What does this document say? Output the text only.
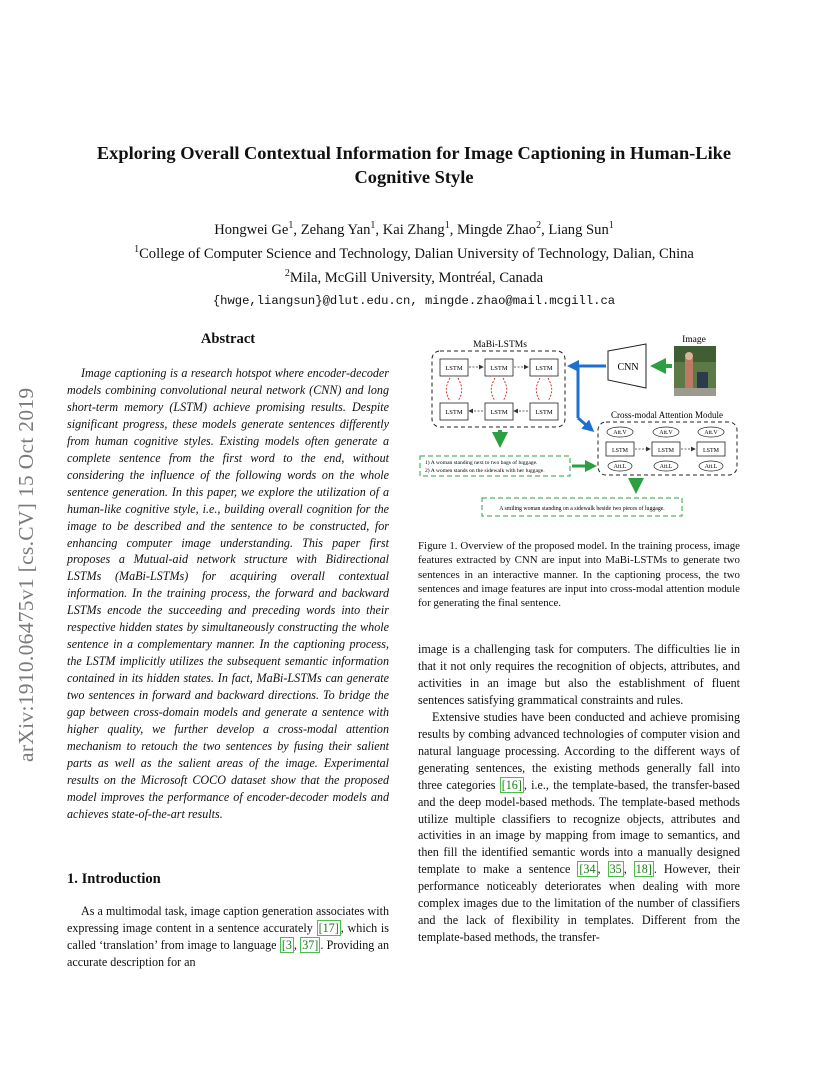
arXiv:1910.06475v1 [cs.CV] 15 Oct 2019
Exploring Overall Contextual Information for Image Captioning in Human-Like
Cognitive Style
Hongwei Ge$^1$, Zehang Yan$^1$, Kai Zhang$^1$, Mingde Zhao$^2$, Liang Sun$^1$
$^1$College of Computer Science and Technology, Dalian University of Technology, Dalian, China
$^2$Mila, McGill University, Montréal, Canada
{hwge,liangsun}@dlut.edu.cn, mingde.zhao@mail.mcgill.ca
Abstract
Image captioning is a research hotspot where encoder-decoder models combining convolutional neural network (CNN) and long short-term memory (LSTM) achieve promising results. Despite significant progress, these models generate sentences differently from human cognitive styles. Existing models often generate a complete sentence from the first word to the end, without considering the influence of the following words on the whole sentence generation. In this paper, we explore the utilization of a human-like cognitive style, i.e., building overall cognition for the image to be described and the sentence to be constructed, for enhancing computer image understanding. This paper first proposes a Mutual-aid network structure with Bidirectional LSTMs (MaBi-LSTMs) for acquiring overall contextual information. In the training process, the forward and backward LSTMs encode the succeeding and preceding words into their respective hidden states by simultaneously constructing the whole sentence in a complementary manner. In the captioning process, the LSTM implicitly utilizes the subsequent semantic information contained in its hidden states. In fact, MaBi-LSTMs can generate two sentences in forward and backward directions. To bridge the gap between cross-domain models and generate a sentence with higher quality, we further develop a cross-modal attention mechanism to retouch the two sentences by fusing their salient parts as well as the salient areas of the image. Experimental results on the Microsoft COCO dataset show that the proposed model improves the performance of encoder-decoder models and achieves state-of-the-art results.
1. Introduction
As a multimodal task, image caption generation associates with expressing image content in a sentence accurately [17] , which is called ‘translation’ from image to language [3 , 37] . Providing an accurate description for an
MaBi-LSTMs	Image
LSTM	LSTM	LSTM
LSTM	LSTM	LSTM
CNN
Cross-modal Attention Module
Att.V	Att.V	Att.V
LSTM	LSTM	LSTM
Att.L	Att.L	Att.L
1) A woman standing next to two bags of luggage.
2) A women stands on the sidewalk with her luggage.
A smiling woman standing on a sidewalk beside two pieces of luggage.
Figure 1. Overview of the proposed model. In the training process, image features extracted by CNN are input into MaBi-LSTMs to generate two sentences in an interactive manner. In the captioning process, the two sentences and image features are input into cross-modal attention module for generating the final sentence.

image is a challenging task for computers. The difficulties lie in that it not only requires the recognition of objects, attributes, and activities in an image but also the establishment of fluent sentences satisfying grammatical constraints and rules.

Extensive studies have been conducted and achieve promising results by combing advanced technologies of computer vision and natural language processing. According to the different ways of generating sentences, the existing methods generally fall into three categories [16] , i.e., the template-based, the transfer-based and the deep model-based methods. The template-based methods utilize multiple classifiers to recognize objects, attributes and activities in an image by mapping from image to semantics, and then fill the identified semantic words into a manually designed template to make a sentence [34 , 35 , 18] . However, their performance noticeably deteriorates when dealing with more complex images due to the limitation of the number of classifiers and the lack of flexibility in templates. Different from the template-based methods, the transfer-
